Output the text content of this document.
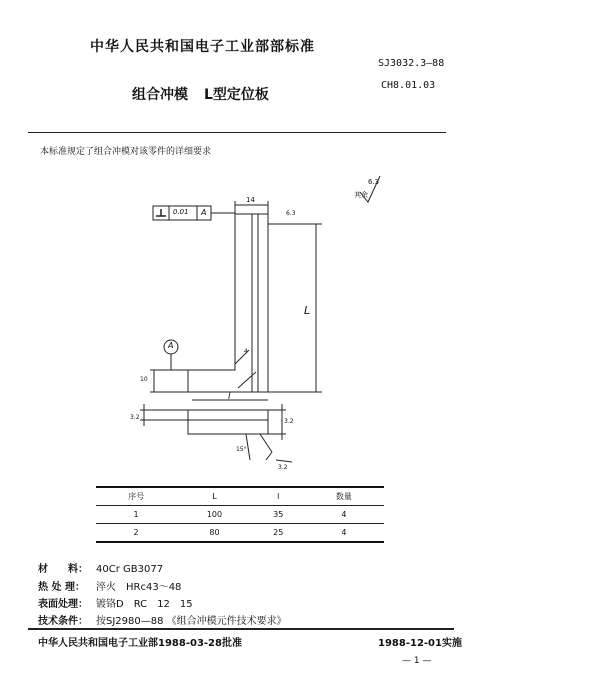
中华人民共和国电子工业部部标准
SJ3032.3—88
CH8.01.03
组合冲模 L型定位板
本标准规定了组合冲模对该零件的详细要求
其余
6.3
0.01 A
A
14
6.3
L
l
10
3.2
3.2
15°
4
3.2
序号	L	l	数量
1	100	35	4
2	80	25	4
材　　料： 40Cr GB3077
热 处 理： 淬火　HRc43～48
表面处理： 镀铬D　RC　12　15
技术条件： 按SJ2980—88 《组合冲模元件技术要求》
中华人民共和国电子工业部1988-03-28批准	1988-12-01实施
— 1 —
